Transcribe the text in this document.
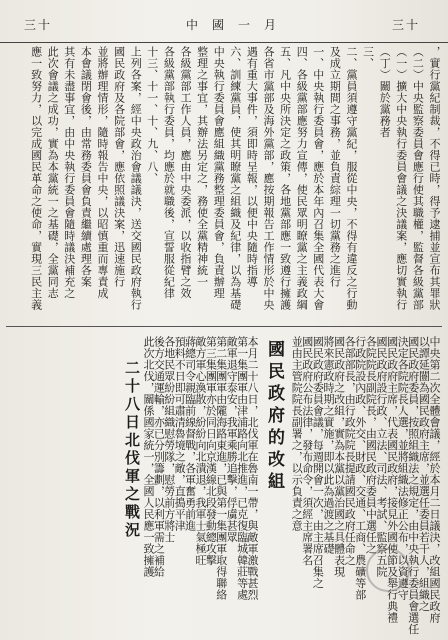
三十	中國一月	三十
，實行黨紀制裁，不得已時，得予逮捕並宣布其罪狀
（二）中央監察委員會應行使其職權，監督各級黨部
（一）擴大中央執行委員會議之決議案，應切實執行
（丁）關於黨務者
三、
二、黨員須遵守黨紀，服從中央，不得有違反之行動
及成立期間之事務，並負責綜理一切黨務之進行
一、中央執行委員會，應於本年內召集全國代表大會
四、各級黨部應努力宣傳，使民眾明瞭黨之主義政綱
五、凡中央所決定之政策，各地黨部應一致遵行擁護
各省市黨部及海外黨部，應按期報告工作情形於中央
遇有重大事件，須即時呈報，以便中央隨時指導
六、訓練黨員，使其明瞭黨之組織及紀律，以為基礎
中央執行委員會應組織黨務整理委員會，負責辦理
整理之事宜，其辦法另定之，務使全黨精神統一
各級黨部工作人員，應由中央委派，以收指臂之效
各級黨部執行委員，均應於就職後，宣誓服從紀律
十三、十一、十、九、八、
上列各案，經中央政治會議議決，送交國民政府執行
國民政府及各院部會，應依照議決案，迅速施行
並將辦理情形，隨時報告中央，以昭慎重而專責成
本會議閉會後，由常務委員會負責繼續處理各案
其有未盡事宜，由中央執行委員會隨時議決補充之
此次會議之成功，實為本黨統一之基礎，全黨同志
應一致努力，以完成國民革命之使命，實現三民主義
國民政府的改組	中央第二次全體會議，經於本月二日議決，改組國民政府
以譚延闓為國民政府主席，並選任委員若干人，組織之
國民政府委員，按照組織法之規定，由中央執行委員會選任
決定各院院長人選，並將組織法修正公布，以資遵守
國民政府主席，代表國民政府，接見外國使節及舉行典禮
國民政府設行政、立法、司法、考試、監察五院
各院院長副院長，由國民政府委員中選任之
行政院設內政、外交、財政、交通、工商、農礦等部
各部部長，由行政院院長提請國民政府任命之
國民政府之改組，實為本黨以黨治國之具體表現
將來憲政時期之實施，即以此為過渡之基礎
國民政府委員會議，每週開會一次，由主席召集之
國民政府公布法律，發布命令，須經主席署名
並由主管院院長副署之，以示負責之意
二十八日北伐軍之戰況	本月二十八日，北伐軍在魯南一帶，與敵軍激戰甚烈
第一集團軍由津浦路向北推進，已克復臨城韓莊等處
敵軍退守泰安，我軍乘勝追擊，俘虜甚眾
第二集團軍由隴海路東進，已與第一集團軍取得聯絡
第三集團軍亦於同日向京漢線北段發動總攻擊
敵方軍心渙散，紛紛向北潰退，我軍士氣極旺
蔣總司令親臨前線督戰，各軍奮勇前進
預料不日即可肅清魯境之敵，直搗平津
各地民眾紛紛組織慰勞隊，慰勞前方將士
後方交通運輸，亦已分別籌劃，以利軍需之補給
此次北伐，關係國家統一，全國人民應一致擁護
